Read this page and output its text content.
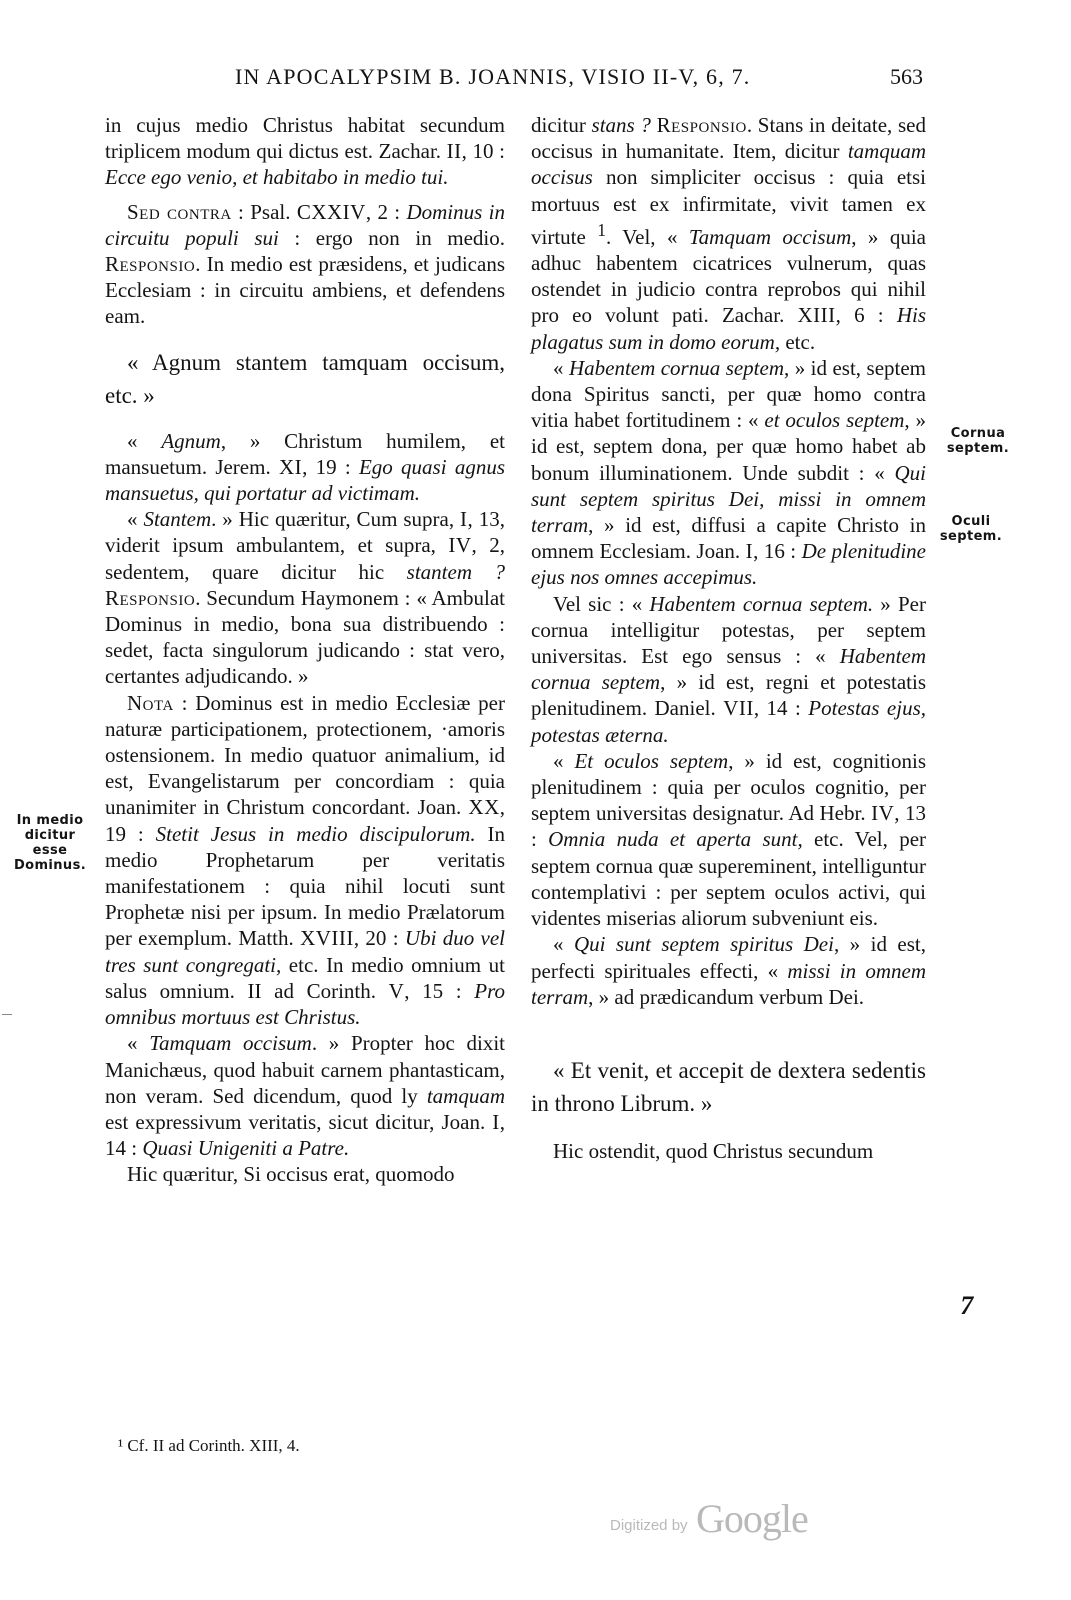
IN APOCALYPSIM B. JOANNIS, VISIO II-V, 6, 7.	563

in cujus medio Christus habitat secundum triplicem modum qui dictus est. Zachar. II, 10 : Ecce ego venio, et habitabo in medio tui.

Sed contra : Psal. CXXIV, 2 : Dominus in circuitu populi sui : ergo non in medio. Responsio. In medio est præsidens, et judicans Ecclesiam : in circuitu ambiens, et defendens eam.

« Agnum stantem tamquam occisum, etc. »

« Agnum, » Christum humilem, et mansuetum. Jerem. XI, 19 : Ego quasi agnus mansuetus, qui portatur ad victimam.

« Stantem. » Hic quæritur, Cum supra, I, 13, viderit ipsum ambulantem, et supra, IV, 2, sedentem, quare dicitur hic stantem ? Responsio. Secundum Haymonem : « Ambulat Dominus in medio, bona sua distribuendo : sedet, facta singulorum judicando : stat vero, certantes adjudicando. »

Nota : Dominus est in medio Ecclesiæ per naturæ participationem, protectionem, ·amoris ostensionem. In medio quatuor animalium, id est, Evangelistarum per concordiam : quia unanimiter in Christum concordant. Joan. XX, 19 : Stetit Jesus in medio discipulorum. In medio Prophetarum per veritatis manifestationem : quia nihil locuti sunt Prophetæ nisi per ipsum. In medio Prælatorum per exemplum. Matth. XVIII, 20 : Ubi duo vel tres sunt congregati, etc. In medio omnium ut salus omnium. II ad Corinth. V, 15 : Pro omnibus mortuus est Christus.

« Tamquam occisum. » Propter hoc dixit Manichæus, quod habuit carnem phantasticam, non veram. Sed dicendum, quod ly tamquam est expressivum veritatis, sicut dicitur, Joan. I, 14 : Quasi Unigeniti a Patre.

Hic quæritur, Si occisus erat, quomodo

dicitur stans ? Responsio. Stans in deitate, sed occisus in humanitate. Item, dicitur tamquam occisus non simpliciter occisus : quia etsi mortuus est ex infirmitate, vivit tamen ex virtute $^1$. Vel, « Tamquam occisum, » quia adhuc habentem cicatrices vulnerum, quas ostendet in judicio contra reprobos qui nihil pro eo volunt pati. Zachar. XIII, 6 : His plagatus sum in domo eorum, etc.

« Habentem cornua septem, » id est, septem dona Spiritus sancti, per quæ homo contra vitia habet fortitudinem : « et oculos septem, » id est, septem dona, per quæ homo habet ab bonum illuminationem. Unde subdit : « Qui sunt septem spiritus Dei, missi in omnem terram, » id est, diffusi a capite Christo in omnem Ecclesiam. Joan. I, 16 : De plenitudine ejus nos omnes accepimus.

Vel sic : « Habentem cornua septem. » Per cornua intelligitur potestas, per septem universitas. Est ego sensus : « Habentem cornua septem, » id est, regni et potestatis plenitudinem. Daniel. VII, 14 : Potestas ejus, potestas æterna.

« Et oculos septem, » id est, cognitionis plenitudinem : quia per oculos cognitio, per septem universitas designatur. Ad Hebr. IV, 13 : Omnia nuda et aperta sunt, etc. Vel, per septem cornua quæ supereminent, intelliguntur contemplativi : per septem oculos activi, qui videntes miserias aliorum subveniunt eis.

« Qui sunt septem spiritus Dei, » id est, perfecti spirituales effecti, « missi in omnem terram, » ad prædicandum verbum Dei.

« Et venit, et accepit de dextera sedentis in throno Librum. »

Hic ostendit, quod Christus secundum

In medio dicitur esse Dominus.
Cornua septem.
Oculi septem.
7
¹ Cf. II ad Corinth. XIII, 4.
Digitized by Google
